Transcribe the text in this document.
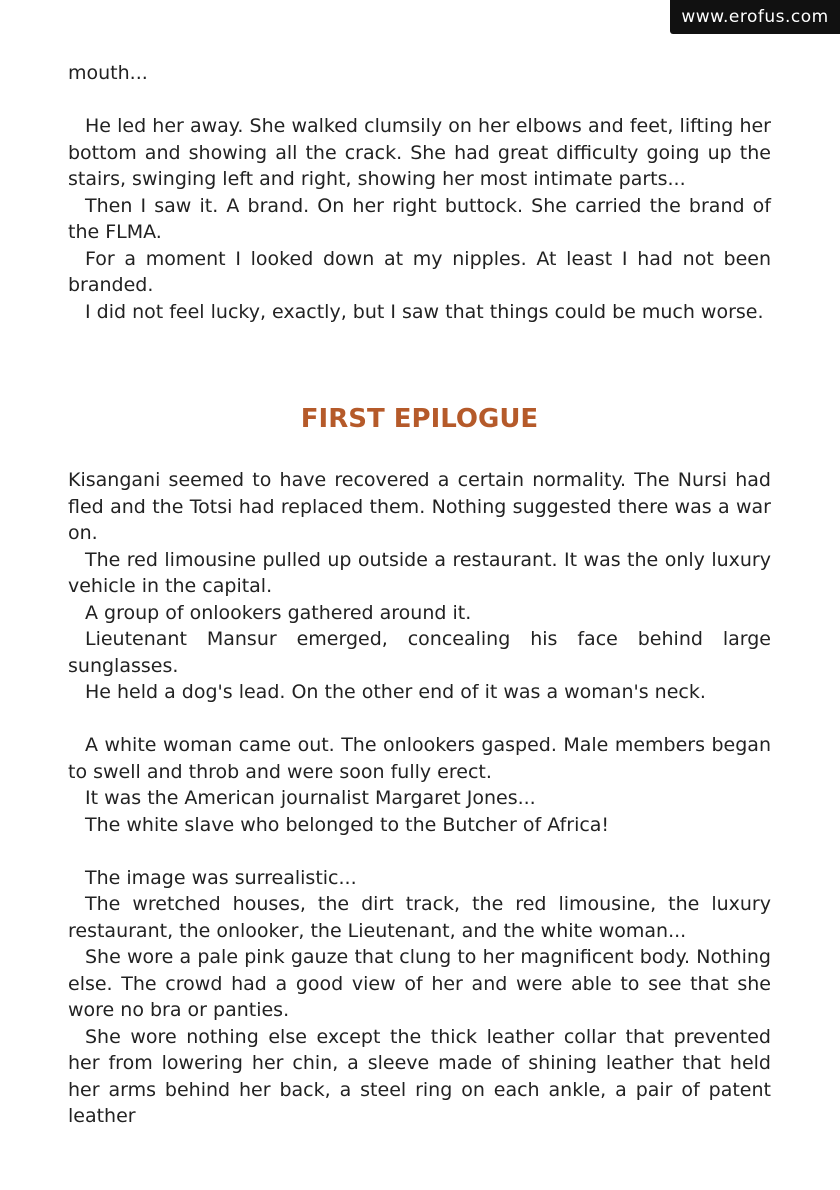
www.erofus.com

mouth...

He led her away. She walked clumsily on her elbows and feet, lifting her bottom and showing all the crack. She had great difficulty going up the stairs, swinging left and right, showing her most intimate parts...

Then I saw it. A brand. On her right buttock. She carried the brand of the FLMA.

For a moment I looked down at my nipples. At least I had not been branded.

I did not feel lucky, exactly, but I saw that things could be much worse.

FIRST EPILOGUE

Kisangani seemed to have recovered a certain normality. The Nursi had fled and the Totsi had replaced them. Nothing suggested there was a war on.

The red limousine pulled up outside a restaurant. It was the only luxury vehicle in the capital.

A group of onlookers gathered around it.

Lieutenant Mansur emerged, concealing his face behind large sunglasses.

He held a dog's lead. On the other end of it was a woman's neck.

A white woman came out. The onlookers gasped. Male members began to swell and throb and were soon fully erect.

It was the American journalist Margaret Jones...

The white slave who belonged to the Butcher of Africa!

The image was surrealistic...

The wretched houses, the dirt track, the red limousine, the luxury restaurant, the onlooker, the Lieutenant, and the white woman...

She wore a pale pink gauze that clung to her magnificent body. Nothing else. The crowd had a good view of her and were able to see that she wore no bra or panties.

She wore nothing else except the thick leather collar that prevented her from lowering her chin, a sleeve made of shining leather that held her arms behind her back, a steel ring on each ankle, a pair of patent leather
